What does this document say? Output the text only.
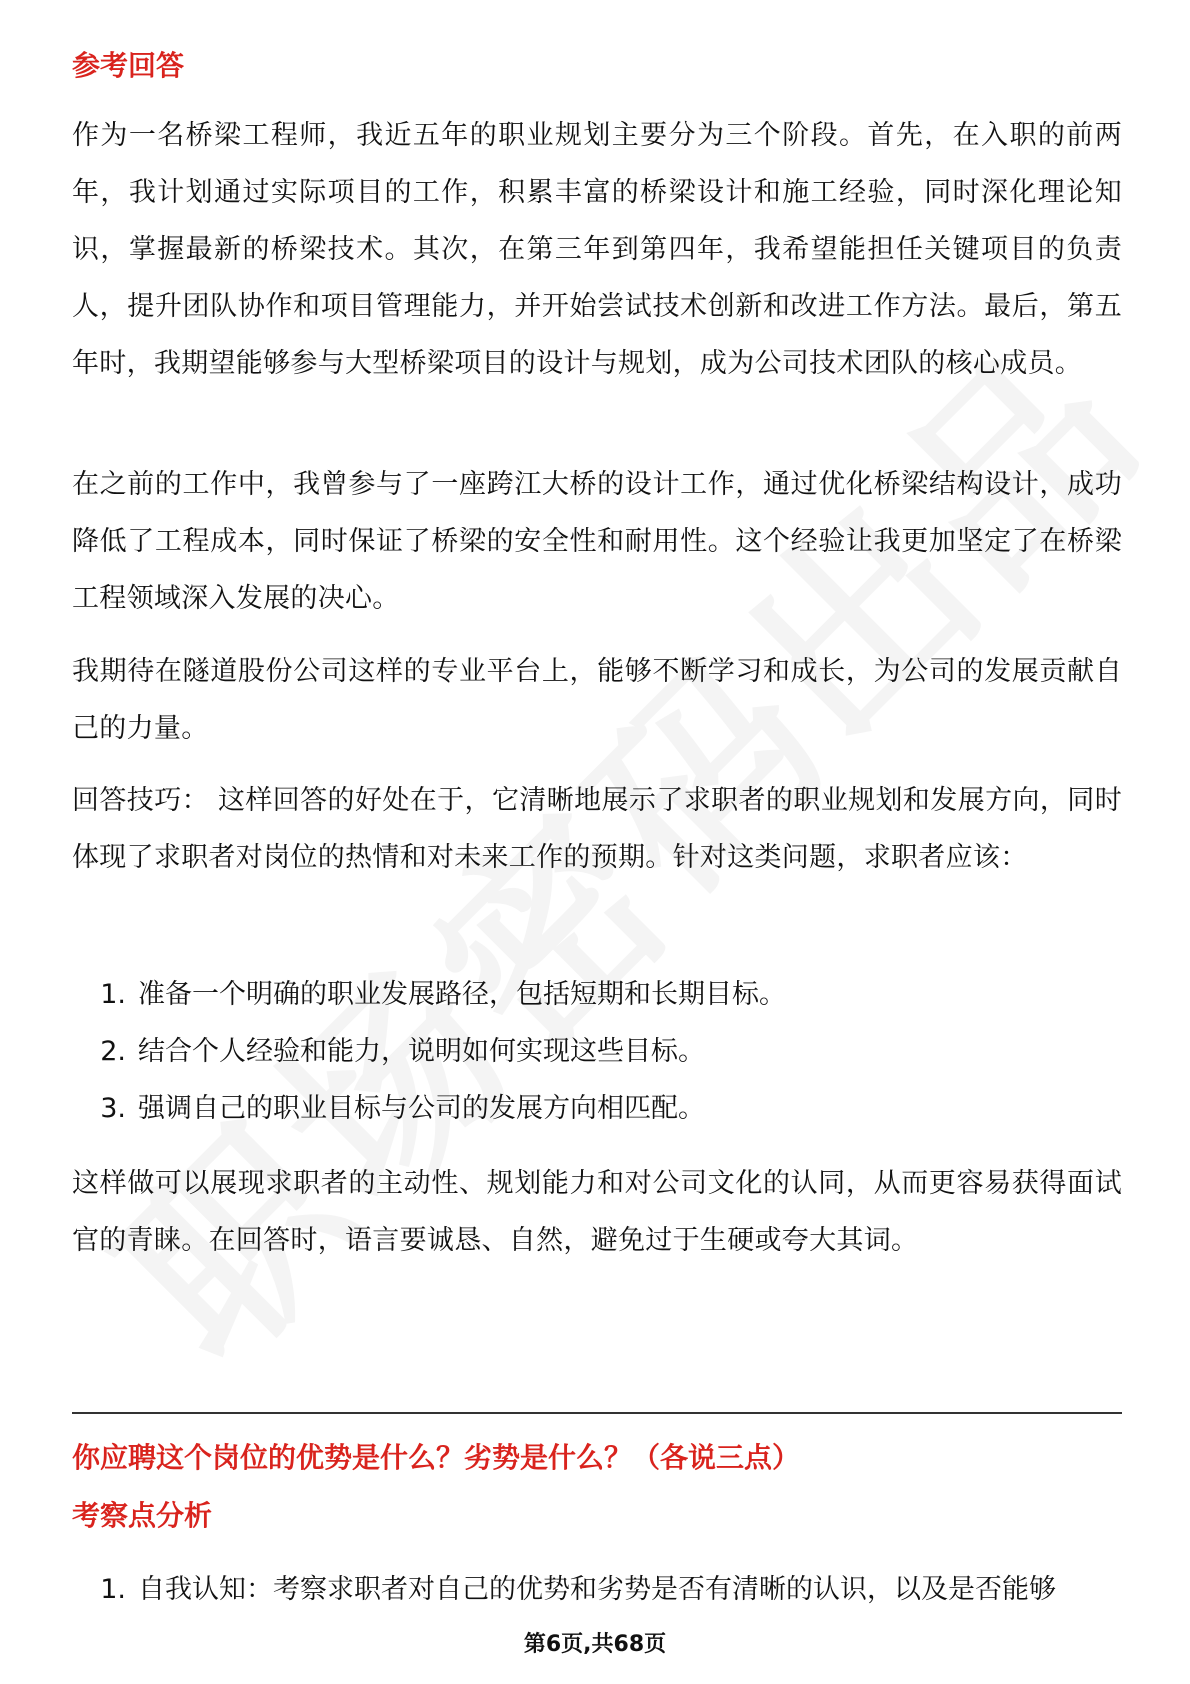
参考回答

作为一名桥梁工程师，我近五年的职业规划主要分为三个阶段。首先，在入职的前两年，我计划通过实际项目的工作，积累丰富的桥梁设计和施工经验，同时深化理论知识，掌握最新的桥梁技术。其次，在第三年到第四年，我希望能担任关键项目的负责人，提升团队协作和项目管理能力，并开始尝试技术创新和改进工作方法。最后，第五年时，我期望能够参与大型桥梁项目的设计与规划，成为公司技术团队的核心成员。

在之前的工作中，我曾参与了一座跨江大桥的设计工作，通过优化桥梁结构设计，成功降低了工程成本，同时保证了桥梁的安全性和耐用性。这个经验让我更加坚定了在桥梁工程领域深入发展的决心。

我期待在隧道股份公司这样的专业平台上，能够不断学习和成长，为公司的发展贡献自己的力量。

回答技巧： 这样回答的好处在于，它清晰地展示了求职者的职业规划和发展方向，同时体现了求职者对岗位的热情和对未来工作的预期。针对这类问题，求职者应该：

1. 准备一个明确的职业发展路径，包括短期和长期目标。
2. 结合个人经验和能力，说明如何实现这些目标。
3. 强调自己的职业目标与公司的发展方向相匹配。

这样做可以展现求职者的主动性、规划能力和对公司文化的认同，从而更容易获得面试官的青睐。在回答时，语言要诚恳、自然，避免过于生硬或夸大其词。

你应聘这个岗位的优势是什么？劣势是什么？（各说三点）
考察点分析
1. 自我认知：考察求职者对自己的优势和劣势是否有清晰的认识，以及是否能够
第6页,共68页
